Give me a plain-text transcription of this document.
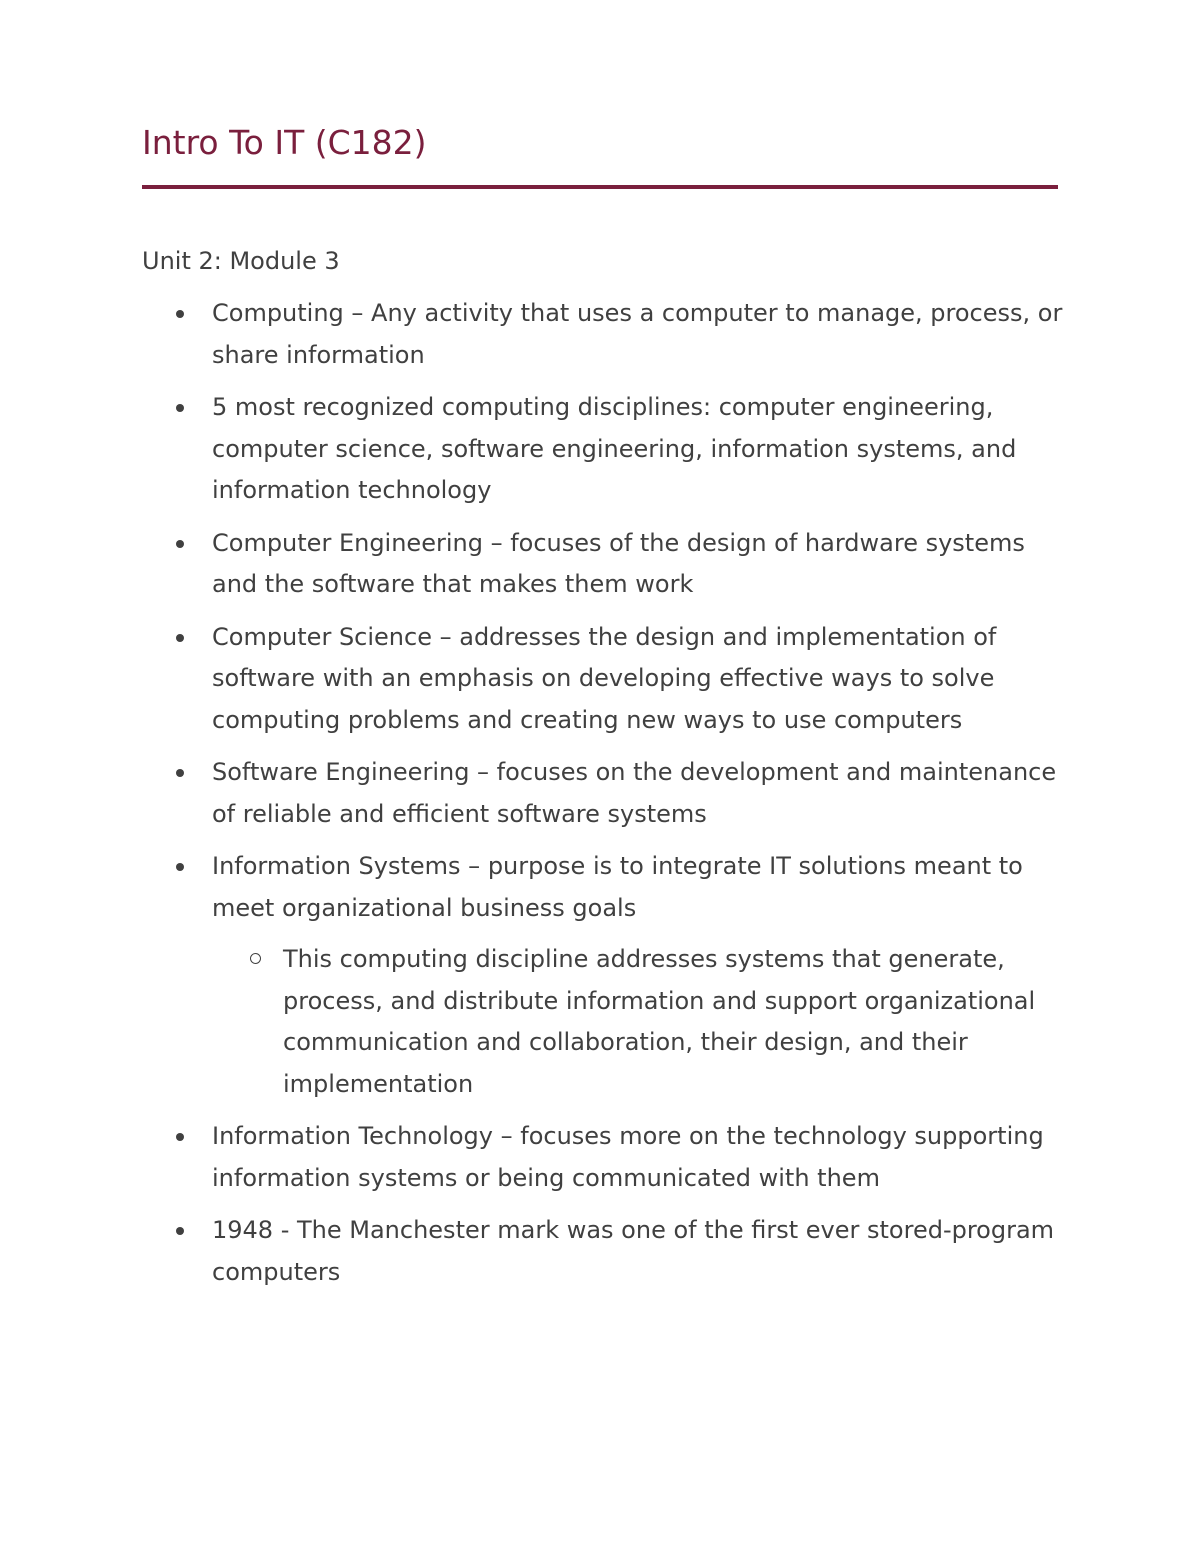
Intro To IT (C182)
Unit 2: Module 3
Computing – Any activity that uses a computer to manage, process, or share information
5 most recognized computing disciplines: computer engineering, computer science, software engineering, information systems, and information technology
Computer Engineering – focuses of the design of hardware systems and the software that makes them work
Computer Science – addresses the design and implementation of software with an emphasis on developing effective ways to solve computing problems and creating new ways to use computers
Software Engineering – focuses on the development and maintenance of reliable and efficient software systems
Information Systems – purpose is to integrate IT solutions meant to meet organizational business goals
This computing discipline addresses systems that generate, process, and distribute information and support organizational communication and collaboration, their design, and their implementation
Information Technology – focuses more on the technology supporting information systems or being communicated with them
1948 - The Manchester mark was one of the first ever stored-program computers
